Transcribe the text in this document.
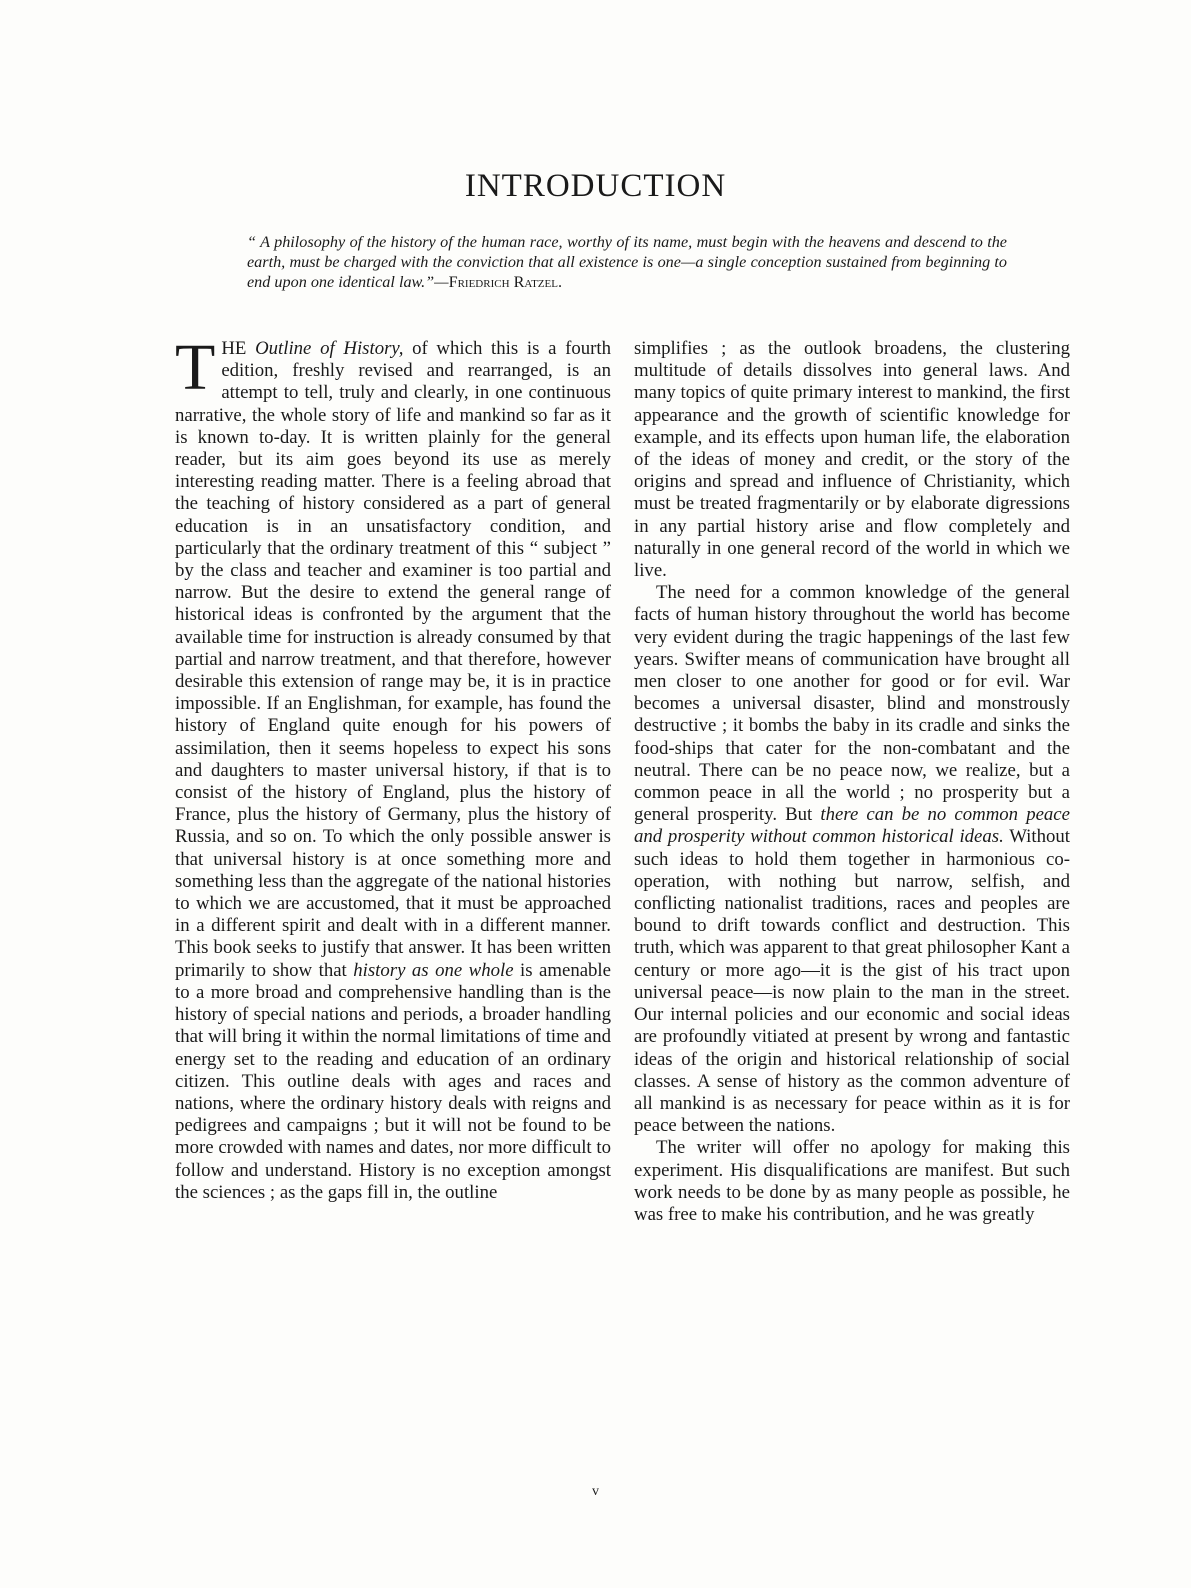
INTRODUCTION

“ A philosophy of the history of the human race, worthy of its name, must begin with the heavens and descend to the earth, must be charged with the conviction that all existence is one—a single conception sustained from beginning to end upon one identical law.”—Friedrich Ratzel.

THE Outline of History, of which this is a fourth edition, freshly revised and rearranged, is an attempt to tell, truly and clearly, in one continuous narrative, the whole story of life and mankind so far as it is known to-day. It is written plainly for the general reader, but its aim goes beyond its use as merely interesting reading matter. There is a feeling abroad that the teaching of history considered as a part of general education is in an unsatisfactory condition, and particularly that the ordinary treatment of this “ subject ” by the class and teacher and examiner is too partial and narrow. But the desire to extend the general range of historical ideas is confronted by the argument that the available time for instruction is already consumed by that partial and narrow treatment, and that therefore, however desirable this extension of range may be, it is in practice impossible. If an Englishman, for example, has found the history of England quite enough for his powers of assimilation, then it seems hopeless to expect his sons and daughters to master universal history, if that is to consist of the history of England, plus the history of France, plus the history of Germany, plus the history of Russia, and so on. To which the only possible answer is that universal history is at once something more and something less than the aggregate of the national histories to which we are accustomed, that it must be approached in a different spirit and dealt with in a different manner. This book seeks to justify that answer. It has been written primarily to show that history as one whole is amenable to a more broad and comprehensive handling than is the history of special nations and periods, a broader handling that will bring it within the normal limitations of time and energy set to the reading and education of an ordinary citizen. This outline deals with ages and races and nations, where the ordinary history deals with reigns and pedigrees and campaigns ; but it will not be found to be more crowded with names and dates, nor more difficult to follow and understand. History is no exception amongst the sciences ; as the gaps fill in, the outline

simplifies ; as the outlook broadens, the clustering multitude of details dissolves into general laws. And many topics of quite primary interest to mankind, the first appearance and the growth of scientific knowledge for example, and its effects upon human life, the elaboration of the ideas of money and credit, or the story of the origins and spread and influence of Christianity, which must be treated fragmentarily or by elaborate digressions in any partial history arise and flow completely and naturally in one general record of the world in which we live.

The need for a common knowledge of the general facts of human history throughout the world has become very evident during the tragic happenings of the last few years. Swifter means of communication have brought all men closer to one another for good or for evil. War becomes a universal disaster, blind and monstrously destructive ; it bombs the baby in its cradle and sinks the food-ships that cater for the non-combatant and the neutral. There can be no peace now, we realize, but a common peace in all the world ; no prosperity but a general prosperity. But there can be no common peace and prosperity without common historical ideas. Without such ideas to hold them together in harmonious co-operation, with nothing but narrow, selfish, and conflicting nationalist traditions, races and peoples are bound to drift towards conflict and destruction. This truth, which was apparent to that great philosopher Kant a century or more ago—it is the gist of his tract upon universal peace—is now plain to the man in the street. Our internal policies and our economic and social ideas are profoundly vitiated at present by wrong and fantastic ideas of the origin and historical relationship of social classes. A sense of history as the common adventure of all mankind is as necessary for peace within as it is for peace between the nations.

The writer will offer no apology for making this experiment. His disqualifications are manifest. But such work needs to be done by as many people as possible, he was free to make his contribution, and he was greatly

v
